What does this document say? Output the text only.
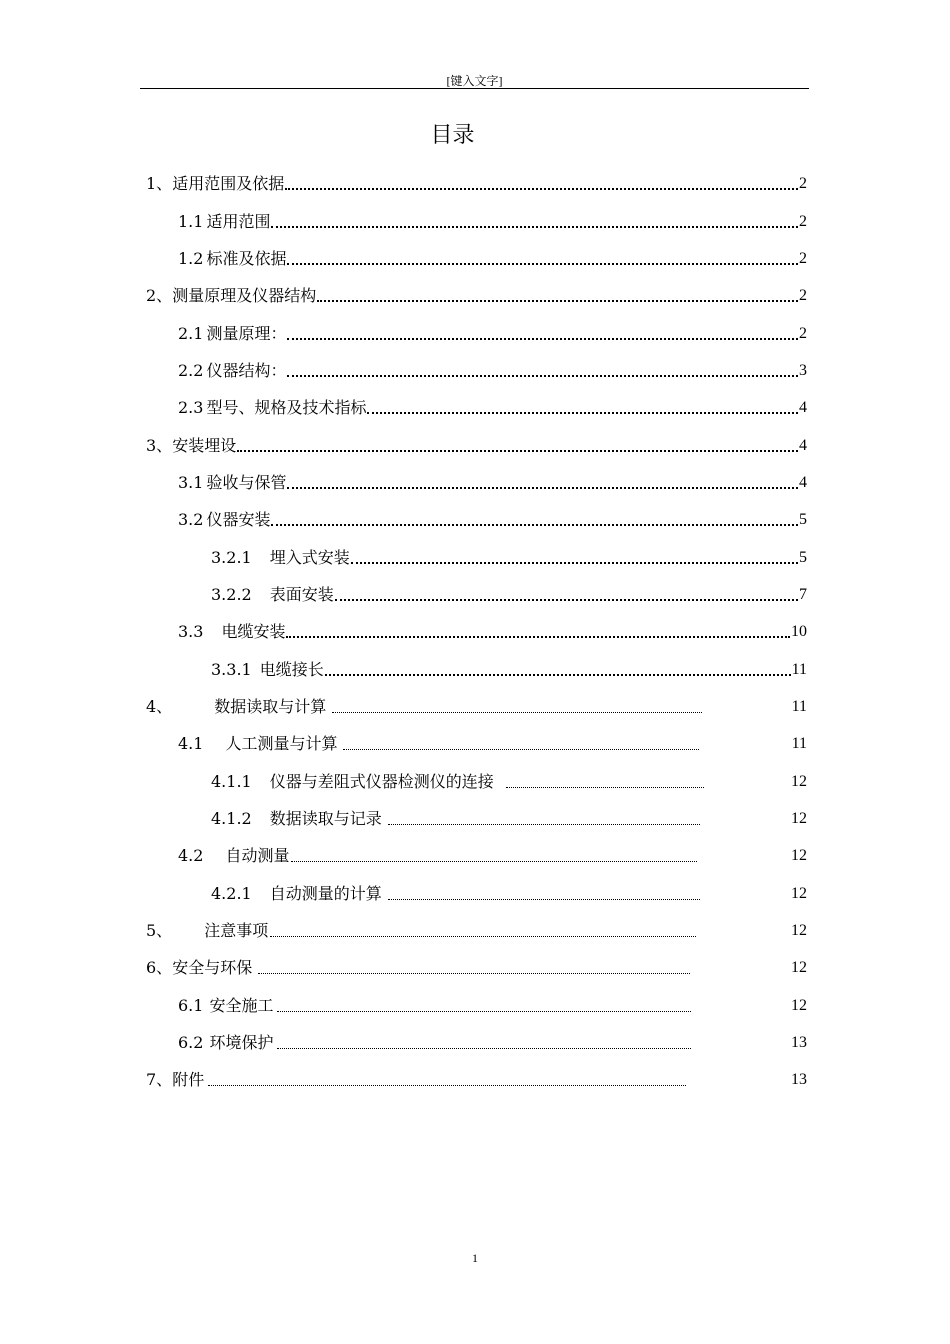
[键入文字]
目录
1、 适用范围及依据	2
1.1 适用范围	2
1.2 标准及依据	2
2、 测量原理及仪器结构	2
2.1 测量原理：	2
2.2 仪器结构：	3
2.3 型号、规格及技术指标	4
3、 安装埋设	4
3.1 验收与保管	4
3.2 仪器安装	5
3.2.1 埋入式安装	5
3.2.2 表面安装	7
3.3 电缆安装	10
3.3.1 电缆接长	11
4、	数据读取与计算	11
4.1 人工测量与计算	11
4.1.1 仪器与差阻式仪器检测仪的连接	12
4.1.2 数据读取与记录	12
4.2 自动测量	12
4.2.1 自动测量的计算	12
5、 注意事项	12
6、 安全与环保	12
6.1 安全施工	12
6.2 环境保护	13
7、 附件	13
1
